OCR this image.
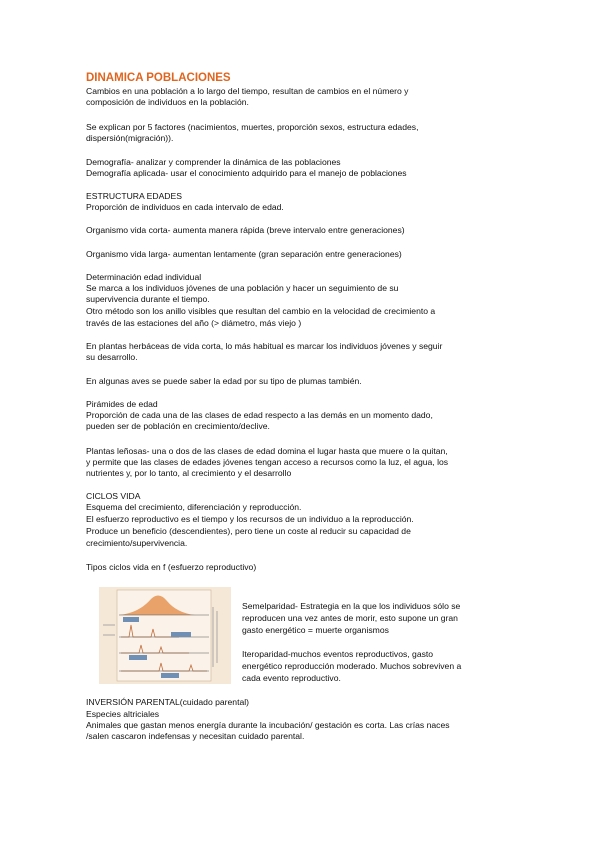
DINAMICA POBLACIONES
Cambios en una población a lo largo del tiempo, resultan de cambios en el número y
composición de individuos en la población.
Se explican por 5 factores (nacimientos, muertes, proporción sexos, estructura edades,
dispersión(migración)).
Demografía- analizar y comprender la dinámica de las poblaciones
Demografía aplicada- usar el conocimiento adquirido para el manejo de poblaciones
ESTRUCTURA EDADES
Proporción de individuos en cada intervalo de edad.
Organismo vida corta- aumenta manera rápida (breve intervalo entre generaciones)
Organismo vida larga- aumentan lentamente (gran separación entre generaciones)
Determinación edad individual
Se marca a los individuos jóvenes de una población y hacer un seguimiento de su
supervivencia durante el tiempo.
Otro método son los anillo visibles que resultan del cambio en la velocidad de crecimiento a
través de las estaciones del año (> diámetro, más viejo )
En plantas herbáceas de vida corta, lo más habitual es marcar los individuos jóvenes y seguir
su desarrollo.
En algunas aves se puede saber la edad por su tipo de plumas también.
Pirámides de edad
Proporción de cada una de las clases de edad respecto a las demás en un momento dado,
pueden ser de población en crecimiento/declive.
Plantas leñosas- una o dos de las clases de edad domina el lugar hasta que muere o la quitan,
y permite que las clases de edades jóvenes tengan acceso a recursos como la luz, el agua, los
nutrientes y, por lo tanto, al crecimiento y el desarrollo
CICLOS VIDA
Esquema del crecimiento, diferenciación y reproducción.
El esfuerzo reproductivo es el tiempo y los recursos de un individuo a la reproducción.
Produce un beneficio (descendientes), pero tiene un coste al reducir su capacidad de
crecimiento/supervivencia.
Tipos ciclos vida en f (esfuerzo reproductivo)
Semelparidad- Estrategia en la que los individuos sólo se
reproducen una vez antes de morir, esto supone un gran
gasto energético = muerte organismos
Iteroparidad-muchos eventos reproductivos, gasto
energético reproducción moderado. Muchos sobreviven a
cada evento reproductivo.
INVERSIÓN PARENTAL(cuidado parental)
Especies altriciales
Animales que gastan menos energía durante la incubación/ gestación es corta. Las crías naces
/salen cascaron indefensas y necesitan cuidado parental.
